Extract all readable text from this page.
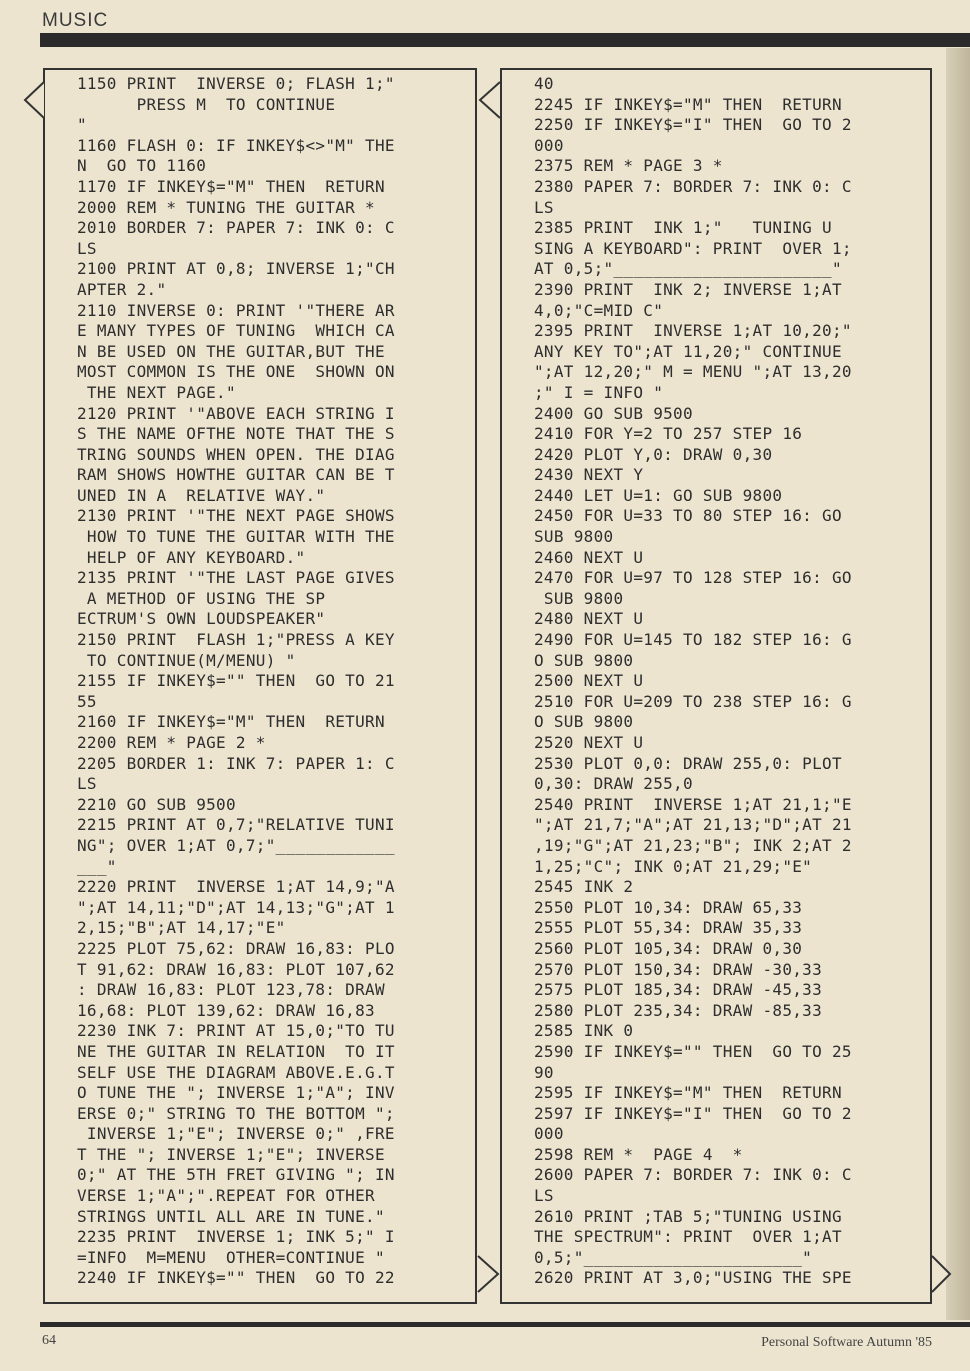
MUSIC
1150 PRINT  INVERSE 0; FLASH 1;"
PRESS M  TO CONTINUE
"
1160 FLASH 0: IF INKEY$<>"M" THE
N  GO TO 1160
1170 IF INKEY$="M" THEN  RETURN
2000 REM * TUNING THE GUITAR *
2010 BORDER 7: PAPER 7: INK 0: C
LS
2100 PRINT AT 0,8; INVERSE 1;"CH
APTER 2."
2110 INVERSE 0: PRINT '"THERE AR
E MANY TYPES OF TUNING  WHICH CA
N BE USED ON THE GUITAR,BUT THE
MOST COMMON IS THE ONE  SHOWN ON
THE NEXT PAGE."
2120 PRINT '"ABOVE EACH STRING I
S THE NAME OFTHE NOTE THAT THE S
TRING SOUNDS WHEN OPEN. THE DIAG
RAM SHOWS HOWTHE GUITAR CAN BE T
UNED IN A  RELATIVE WAY."
2130 PRINT '"THE NEXT PAGE SHOWS
HOW TO TUNE THE GUITAR WITH THE
HELP OF ANY KEYBOARD."
2135 PRINT '"THE LAST PAGE GIVES
A METHOD OF USING THE SP
ECTRUM'S OWN LOUDSPEAKER"
2150 PRINT  FLASH 1;"PRESS A KEY
TO CONTINUE(M/MENU) "
2155 IF INKEY$="" THEN  GO TO 21
55
2160 IF INKEY$="M" THEN  RETURN
2200 REM * PAGE 2 *
2205 BORDER 1: INK 7: PAPER 1: C
LS
2210 GO SUB 9500
2215 PRINT AT 0,7;"RELATIVE TUNI
NG"; OVER 1;AT 0,7;"____________
___"
2220 PRINT  INVERSE 1;AT 14,9;"A
";AT 14,11;"D";AT 14,13;"G";AT 1
2,15;"B";AT 14,17;"E"
2225 PLOT 75,62: DRAW 16,83: PLO
T 91,62: DRAW 16,83: PLOT 107,62
: DRAW 16,83: PLOT 123,78: DRAW
16,68: PLOT 139,62: DRAW 16,83
2230 INK 7: PRINT AT 15,0;"TO TU
NE THE GUITAR IN RELATION  TO IT
SELF USE THE DIAGRAM ABOVE.E.G.T
O TUNE THE "; INVERSE 1;"A"; INV
ERSE 0;" STRING TO THE BOTTOM ";
INVERSE 1;"E"; INVERSE 0;" ,FRE
T THE "; INVERSE 1;"E"; INVERSE
0;" AT THE 5TH FRET GIVING "; IN
VERSE 1;"A";".REPEAT FOR OTHER
STRINGS UNTIL ALL ARE IN TUNE."
2235 PRINT  INVERSE 1; INK 5;" I
=INFO  M=MENU  OTHER=CONTINUE "
2240 IF INKEY$="" THEN  GO TO 22
40
2245 IF INKEY$="M" THEN  RETURN
2250 IF INKEY$="I" THEN  GO TO 2
000
2375 REM * PAGE 3 *
2380 PAPER 7: BORDER 7: INK 0: C
LS
2385 PRINT  INK 1;"   TUNING U
SING A KEYBOARD": PRINT  OVER 1;
AT 0,5;"______________________"
2390 PRINT  INK 2; INVERSE 1;AT
4,0;"C=MID C"
2395 PRINT  INVERSE 1;AT 10,20;"
ANY KEY TO";AT 11,20;" CONTINUE
";AT 12,20;" M = MENU ";AT 13,20
;" I = INFO "
2400 GO SUB 9500
2410 FOR Y=2 TO 257 STEP 16
2420 PLOT Y,0: DRAW 0,30
2430 NEXT Y
2440 LET U=1: GO SUB 9800
2450 FOR U=33 TO 80 STEP 16: GO
SUB 9800
2460 NEXT U
2470 FOR U=97 TO 128 STEP 16: GO
SUB 9800
2480 NEXT U
2490 FOR U=145 TO 182 STEP 16: G
O SUB 9800
2500 NEXT U
2510 FOR U=209 TO 238 STEP 16: G
O SUB 9800
2520 NEXT U
2530 PLOT 0,0: DRAW 255,0: PLOT
0,30: DRAW 255,0
2540 PRINT  INVERSE 1;AT 21,1;"E
";AT 21,7;"A";AT 21,13;"D";AT 21
,19;"G";AT 21,23;"B"; INK 2;AT 2
1,25;"C"; INK 0;AT 21,29;"E"
2545 INK 2
2550 PLOT 10,34: DRAW 65,33
2555 PLOT 55,34: DRAW 35,33
2560 PLOT 105,34: DRAW 0,30
2570 PLOT 150,34: DRAW -30,33
2575 PLOT 185,34: DRAW -45,33
2580 PLOT 235,34: DRAW -85,33
2585 INK 0
2590 IF INKEY$="" THEN  GO TO 25
90
2595 IF INKEY$="M" THEN  RETURN
2597 IF INKEY$="I" THEN  GO TO 2
000
2598 REM *  PAGE 4  *
2600 PAPER 7: BORDER 7: INK 0: C
LS
2610 PRINT ;TAB 5;"TUNING USING
THE SPECTRUM": PRINT  OVER 1;AT
0,5;"______________________"
2620 PRINT AT 3,0;"USING THE SPE
64	Personal Software Autumn '85
